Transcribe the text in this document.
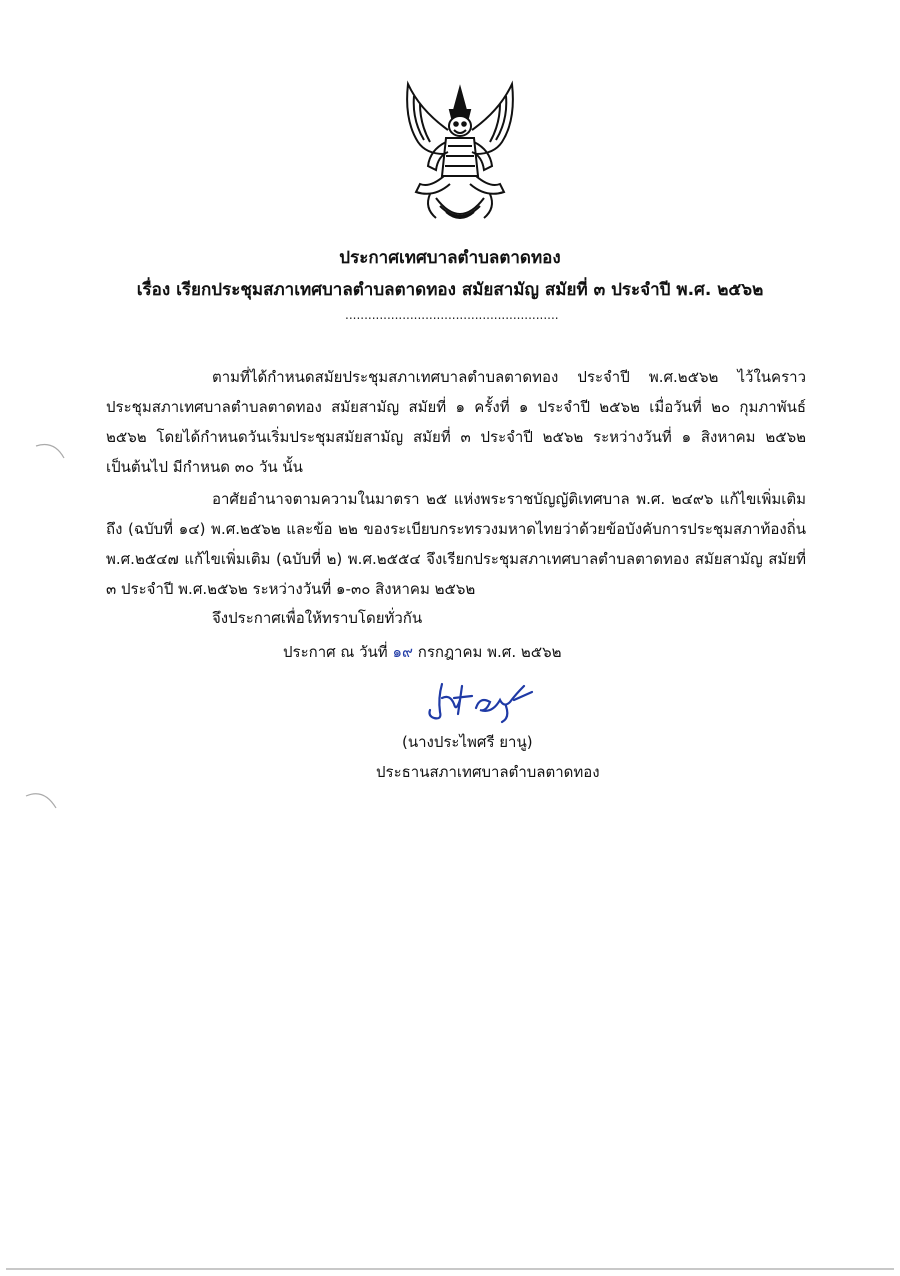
ประกาศเทศบาลตำบลตาดทอง
เรื่อง เรียกประชุมสภาเทศบาลตำบลตาดทอง สมัยสามัญ สมัยที่ ๓ ประจำปี พ.ศ. ๒๕๖๒
........................................................
ตามที่ได้กำหนดสมัยประชุมสภาเทศบาลตำบลตาดทอง ประจำปี พ.ศ.๒๕๖๒ ไว้ในคราวประชุมสภาเทศบาลตำบลตาดทอง สมัยสามัญ สมัยที่ ๑ ครั้งที่ ๑ ประจำปี ๒๕๖๒ เมื่อวันที่ ๒๐ กุมภาพันธ์ ๒๕๖๒ โดยได้กำหนดวันเริ่มประชุมสมัยสามัญ สมัยที่ ๓ ประจำปี ๒๕๖๒ ระหว่างวันที่ ๑ สิงหาคม ๒๕๖๒ เป็นต้นไป มีกำหนด ๓๐ วัน นั้น
อาศัยอำนาจตามความในมาตรา ๒๕ แห่งพระราชบัญญัติเทศบาล พ.ศ. ๒๔๙๖ แก้ไขเพิ่มเติมถึง (ฉบับที่ ๑๔) พ.ศ.๒๕๖๒ และข้อ ๒๒ ของระเบียบกระทรวงมหาดไทยว่าด้วยข้อบังคับการประชุมสภาท้องถิ่น พ.ศ.๒๕๔๗ แก้ไขเพิ่มเติม (ฉบับที่ ๒) พ.ศ.๒๕๕๔ จึงเรียกประชุมสภาเทศบาลตำบลตาดทอง สมัยสามัญ สมัยที่ ๓ ประจำปี พ.ศ.๒๕๖๒ ระหว่างวันที่ ๑-๓๐ สิงหาคม ๒๕๖๒
จึงประกาศเพื่อให้ทราบโดยทั่วกัน
ประกาศ ณ วันที่ ๑๙ กรกฎาคม พ.ศ. ๒๕๖๒
(นางประไพศรี ยานู)
ประธานสภาเทศบาลตำบลตาดทอง
